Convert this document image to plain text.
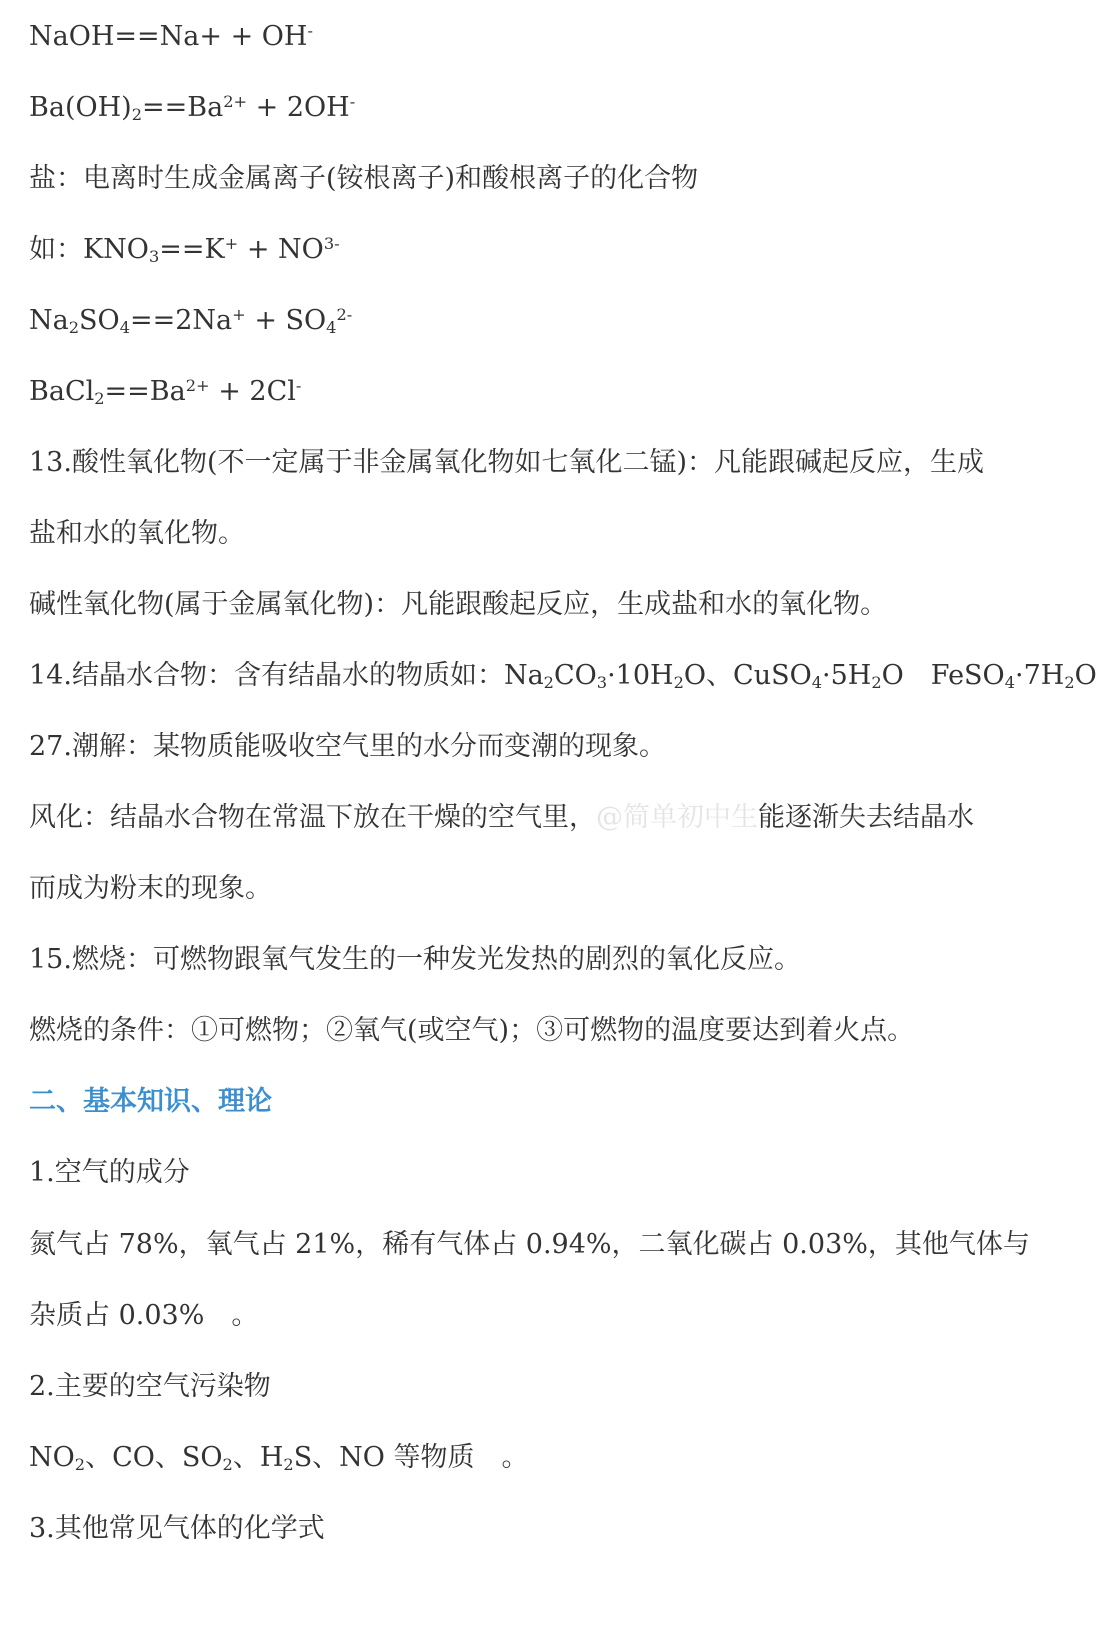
NaOH==Na+ + OH-
$Ba(OH)_2==Ba^{2+} + 2OH^-$
盐：电离时生成金属离子(铵根离子)和酸根离子的化合物
如：$KNO_3==K^+ + NO^{3-}$
$Na_2SO_4==2Na^+ + SO_4^{2-}$
$BaCl_2==Ba^{2+} + 2Cl^-$
13.酸性氧化物(不一定属于非金属氧化物如七氧化二锰)：凡能跟碱起反应，生成
盐和水的氧化物。
碱性氧化物(属于金属氧化物)：凡能跟酸起反应，生成盐和水的氧化物。
14.结晶水合物：含有结晶水的物质如：$Na_2CO_3\cdot 10H_2O$、$CuSO_4\cdot 5H_2O$　$FeSO_4\cdot 7H_2O$
27.潮解：某物质能吸收空气里的水分而变潮的现象。
风化：结晶水合物在常温下放在干燥的空气里，@简单初中生能逐渐失去结晶水
而成为粉末的现象。
15.燃烧：可燃物跟氧气发生的一种发光发热的剧烈的氧化反应。
燃烧的条件：①可燃物；②氧气(或空气)；③可燃物的温度要达到着火点。
二、基本知识、理论
1.空气的成分
氮气占 78%，氧气占 21%，稀有气体占 0.94%，二氧化碳占 0.03%，其他气体与
杂质占 0.03%　。
2.主要的空气污染物
$NO_2$、CO、$SO_2$、$H_2S$、NO 等物质　。
3.其他常见气体的化学式
